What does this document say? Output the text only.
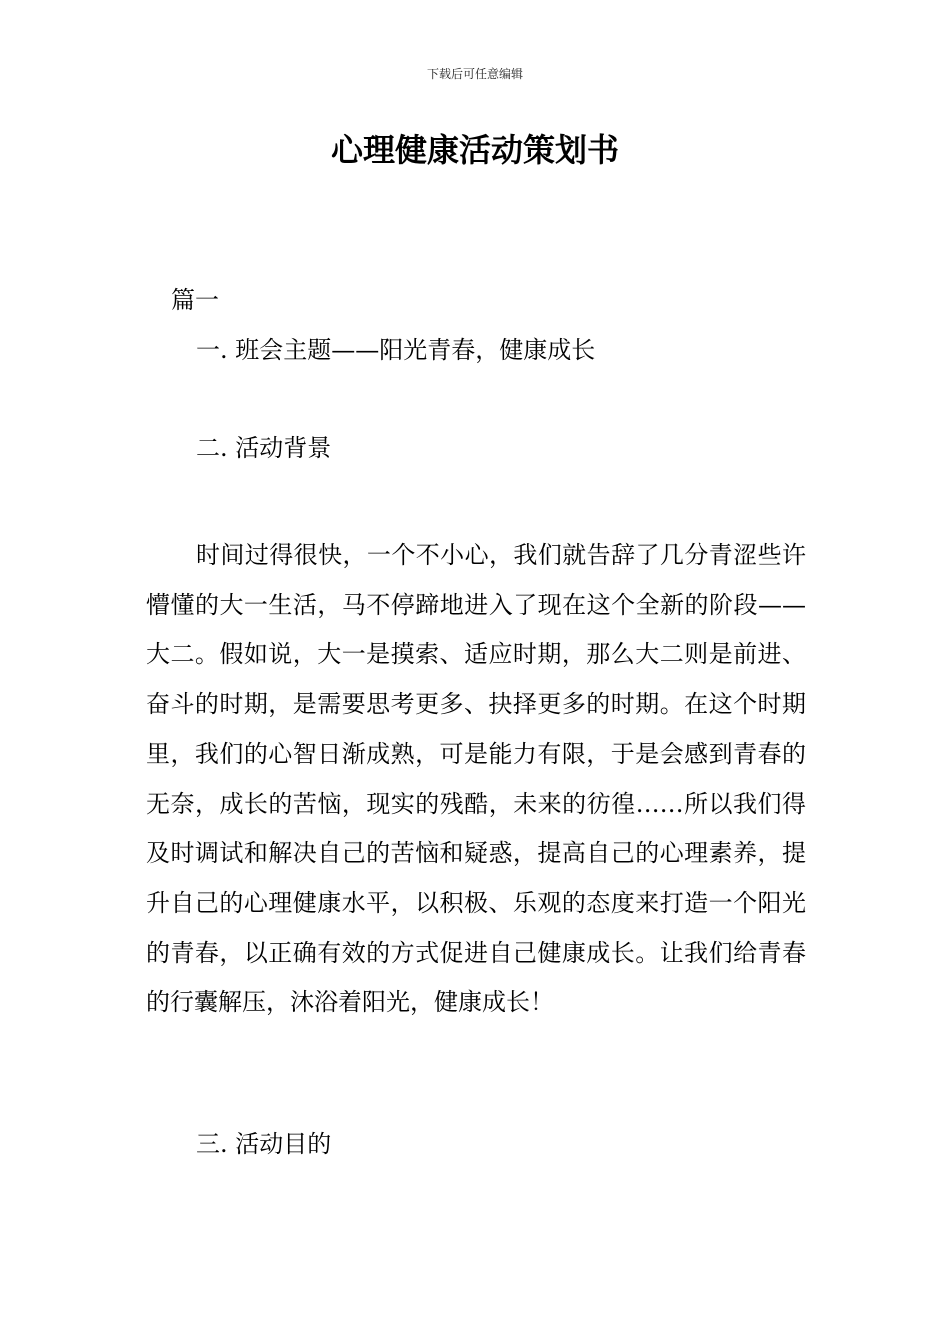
下载后可任意编辑
心理健康活动策划书
篇一
一. 班会主题——阳光青春，健康成长
二. 活动背景

时间过得很快，一个不小心，我们就告辞了几分青涩些许懵懂的大一生活，马不停蹄地进入了现在这个全新的阶段——大二。假如说，大一是摸索、适应时期，那么大二则是前进、奋斗的时期，是需要思考更多、抉择更多的时期。在这个时期里，我们的心智日渐成熟，可是能力有限，于是会感到青春的无奈，成长的苦恼，现实的残酷，未来的彷徨……所以我们得及时调试和解决自己的苦恼和疑惑，提高自己的心理素养，提升自己的心理健康水平，以积极、乐观的态度来打造一个阳光的青春，以正确有效的方式促进自己健康成长。让我们给青春的行囊解压，沐浴着阳光，健康成长！

三. 活动目的
